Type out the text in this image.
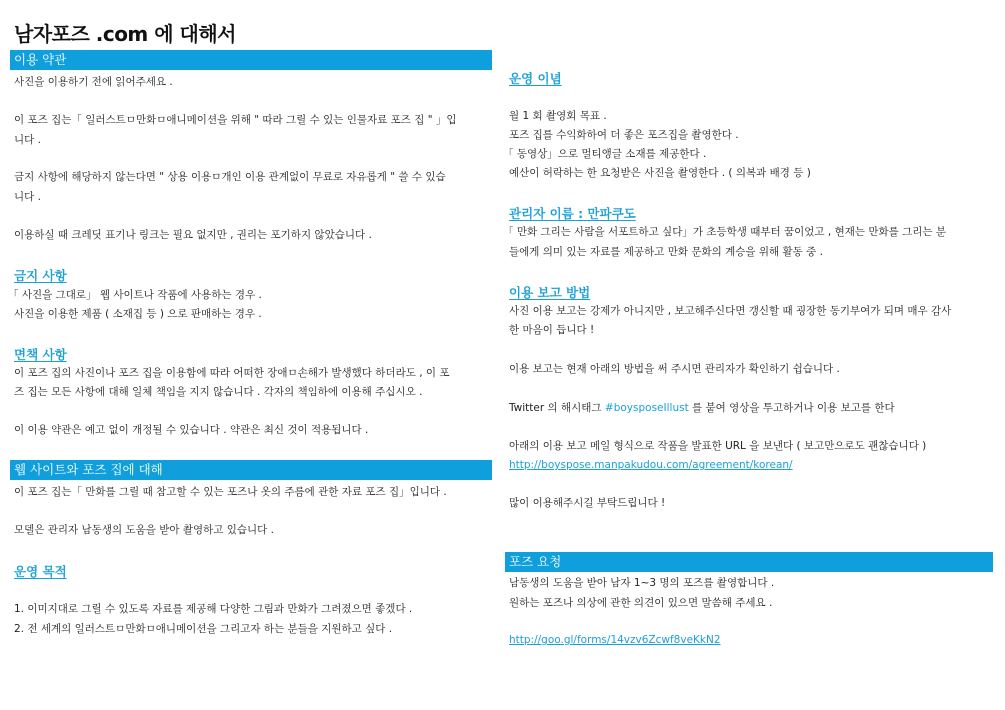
남자포즈 .com 에 대해서
이용 약관
사진을 이용하기 전에 읽어주세요 .
이 포즈 집는「 일러스트ㅁ만화ㅁ애니메이션을 위해 " 따라 그릴 수 있는 인물자료 포즈 집 " 」입
니다 .
금지 사항에 해당하지 않는다면 " 상용 이용ㅁ개인 이용 관계없이 무료로 자유롭게 " 쓸 수 있습
니다 .
이용하실 때 크레딧 표기나 링크는 필요 없지만 , 권리는 포기하지 않았습니다 .
금지 사항
「 사진을 그대로」 웹 사이트나 작품에 사용하는 경우 .
사진을 이용한 제품 ( 소재집 등 ) 으로 판매하는 경우 .
면책 사항
이 포즈 집의 사진이나 포즈 집을 이용함에 따라 어떠한 장애ㅁ손해가 발생했다 하더라도 , 이 포
즈 집는 모든 사항에 대해 일체 책임을 지지 않습니다 . 각자의 책임하에 이용해 주십시오 .
이 이용 약관은 예고 없이 개정될 수 있습니다 . 약관은 최신 것이 적용됩니다 .
웹 사이트와 포즈 집에 대해
이 포즈 집는「 만화를 그릴 때 참고할 수 있는 포즈나 옷의 주름에 관한 자료 포즈 집」입니다 .
모델은 관리자 남동생의 도움을 받아 촬영하고 있습니다 .
운영 목적
1. 이미지대로 그릴 수 있도록 자료를 제공해 다양한 그림과 만화가 그려졌으면 좋겠다 .
2. 전 세계의 일러스트ㅁ만화ㅁ애니메이션을 그리고자 하는 분들을 지원하고 싶다 .
운영 이념
월 1 회 촬영회 목표 .
포즈 집를 수익화하여 더 좋은 포즈집을 촬영한다 .
「 동영상」으로 멀티앵글 소재를 제공한다 .
예산이 허락하는 한 요청받은 사진을 촬영한다 . ( 의복과 배경 등 )
관리자 이름 : 만파쿠도
「 만화 그리는 사람을 서포트하고 싶다」가 초등학생 때부터 꿈이었고 , 현재는 만화를 그리는 분
들에게 의미 있는 자료를 제공하고 만화 문화의 계승을 위해 활동 중 .
이용 보고 방법
사진 이용 보고는 강제가 아니지만 , 보고해주신다면 갱신할 때 굉장한 동기부여가 되며 매우 감사
한 마음이 듭니다 !
이용 보고는 현재 아래의 방법을 써 주시면 관리자가 확인하기 쉽습니다 .
Twitter 의 해시태그 #boysposeIllust 를 붙여 영상을 투고하거나 이용 보고를 한다
아래의 이용 보고 메일 형식으로 작품을 발표한 URL 을 보낸다 ( 보고만으로도 괜찮습니다 )
http://boyspose.manpakudou.com/agreement/korean/
많이 이용해주시길 부탁드립니다 !
포즈 요청
남동생의 도움을 받아 남자 1~3 명의 포즈를 촬영합니다 .
원하는 포즈나 의상에 관한 의견이 있으면 말씀해 주세요 .
http://goo.gl/forms/14vzv6Zcwf8veKkN2
